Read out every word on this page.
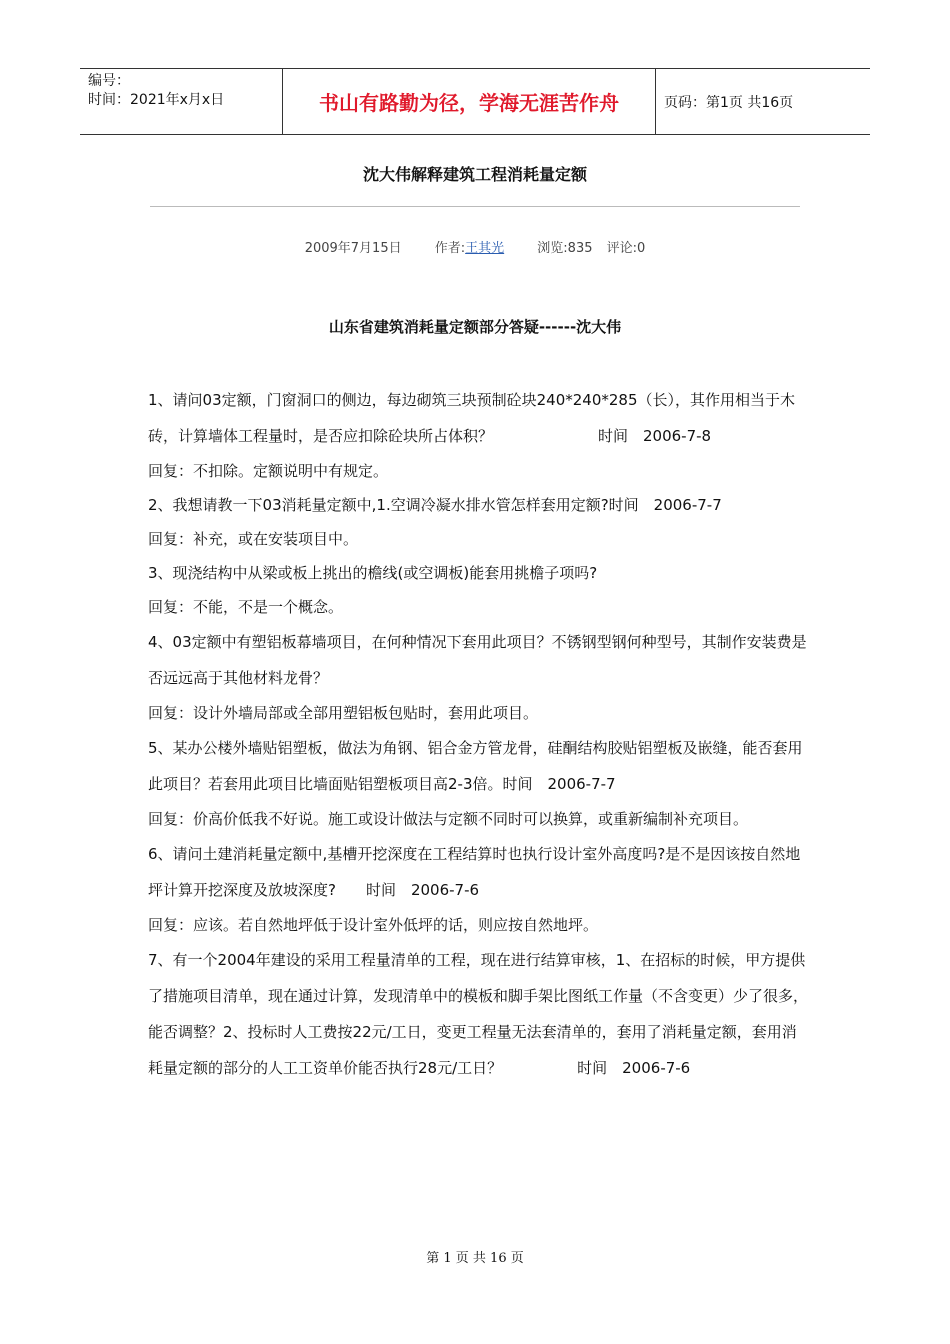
编号：
时间：2021年x月x日	书山有路勤为径，学海无涯苦作舟	页码：第1页 共16页
沈大伟解释建筑工程消耗量定额
2009年7月15日	作者:王其光	浏览:835 评论:0
山东省建筑消耗量定额部分答疑------沈大伟

1、请问03定额，门窗洞口的侧边，每边砌筑三块预制砼块240*240*285（长），其作用相当于木砖，计算墙体工程量时，是否应扣除砼块所占体积？　　　　　　　时间　2006-7-8

回复：不扣除。定额说明中有规定。

2、我想请教一下03消耗量定额中,1.空调冷凝水排水管怎样套用定额?时间　2006-7-7

回复：补充，或在安装项目中。

3、现浇结构中从梁或板上挑出的檐线(或空调板)能套用挑檐子项吗?

回复：不能，不是一个概念。

4、03定额中有塑铝板幕墙项目，在何种情况下套用此项目？不锈钢型钢何种型号，其制作安装费是否远远高于其他材料龙骨？

回复：设计外墙局部或全部用塑铝板包贴时，套用此项目。

5、某办公楼外墙贴铝塑板，做法为角钢、铝合金方管龙骨，硅酮结构胶贴铝塑板及嵌缝，能否套用此项目？若套用此项目比墙面贴铝塑板项目高2-3倍。时间　2006-7-7

回复：价高价低我不好说。施工或设计做法与定额不同时可以换算，或重新编制补充项目。

6、请问土建消耗量定额中,基槽开挖深度在工程结算时也执行设计室外高度吗?是不是因该按自然地坪计算开挖深度及放坡深度?　　时间　2006-7-6

回复：应该。若自然地坪低于设计室外低坪的话，则应按自然地坪。

7、有一个2004年建设的采用工程量清单的工程，现在进行结算审核，1、在招标的时候，甲方提供了措施项目清单，现在通过计算，发现清单中的模板和脚手架比图纸工作量（不含变更）少了很多，能否调整？2、投标时人工费按22元/工日，变更工程量无法套清单的，套用了消耗量定额，套用消耗量定额的部分的人工工资单价能否执行28元/工日？　　　　　时间　2006-7-6

第 1 页 共 16 页
